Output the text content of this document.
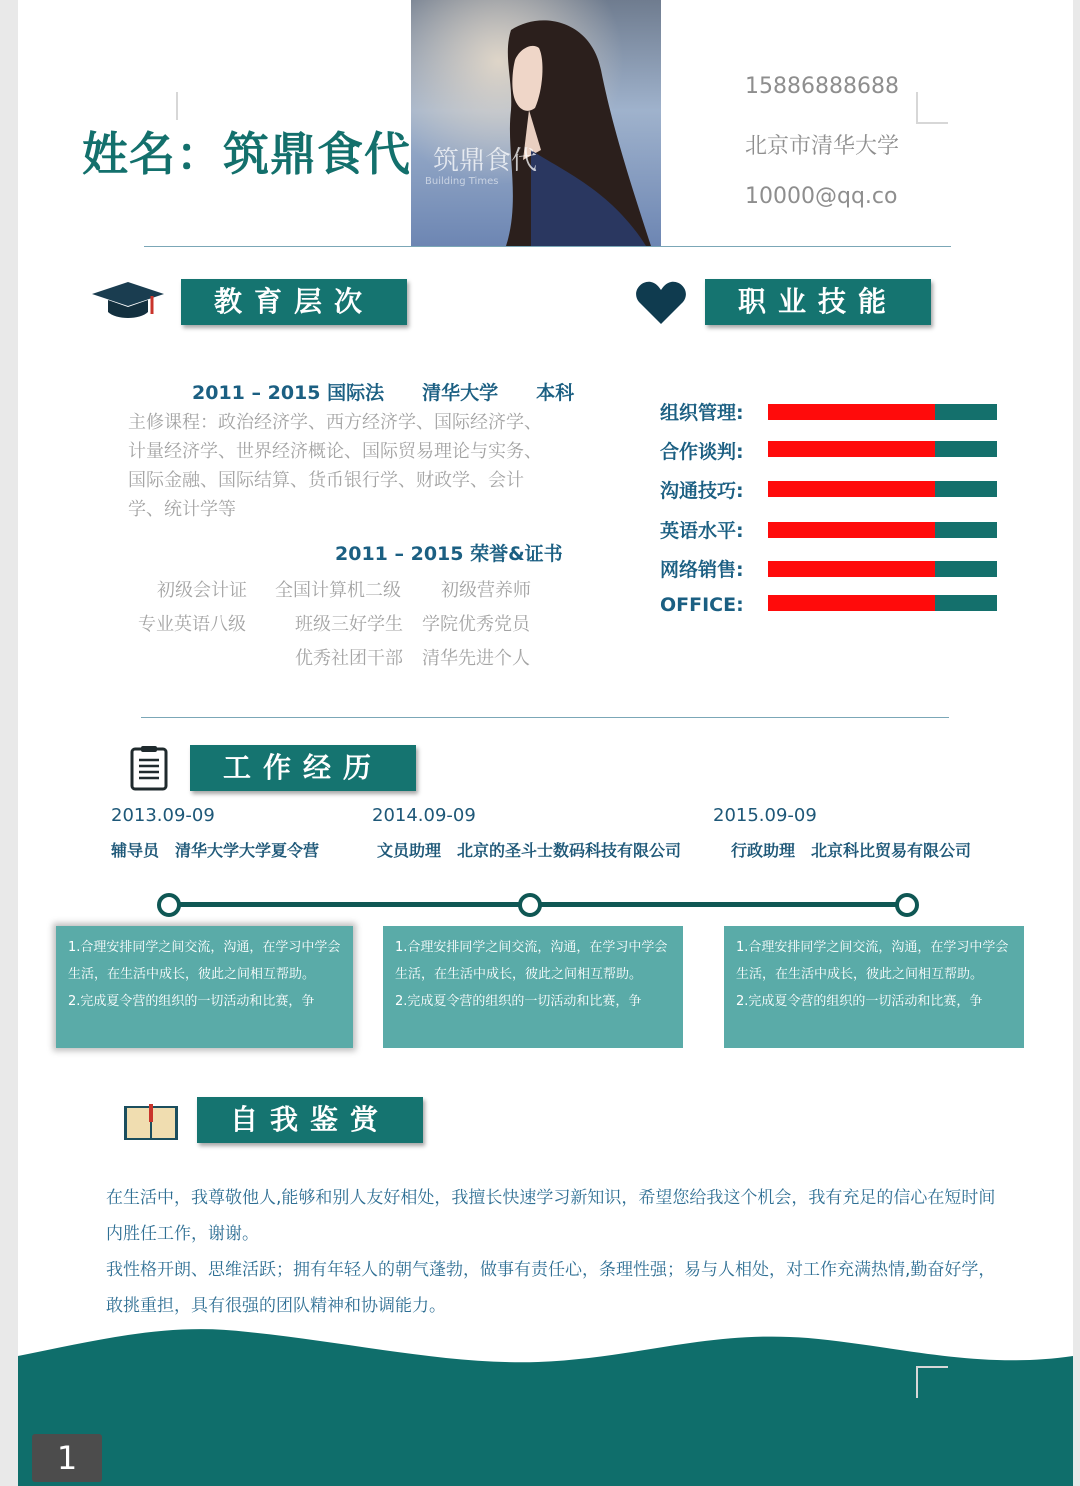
姓名：筑鼎食代 筑鼎食代
Building Times
15886888688
北京市清华大学
10000@qq.co
教育层次	职业技能
2011 – 2015 国际法　　清华大学　　本科
主修课程：政治经济学、西方经济学、国际经济学、计量经济学、世界经济概论、国际贸易理论与实务、国际金融、国际结算、货币银行学、财政学、会计学、统计学等
2011 – 2015 荣誉&证书
初级会计证 全国计算机二级 初级营养师
专业英语八级	班级三好学生 学院优秀党员
优秀社团干部 清华先进个人
组织管理:
合作谈判:
沟通技巧:
英语水平:
网络销售:
OFFICE:
工作经历
2013.09-09	2014.09-09	2015.09-09
辅导员　清华大学大学夏令营	文员助理　北京的圣斗士数码科技有限公司	行政助理　北京科比贸易有限公司
1.合理安排同学之间交流，沟通，在学习中学会生活，在生活中成长，彼此之间相互帮助。
2.完成夏令营的组织的一切活动和比赛，争
1.合理安排同学之间交流，沟通，在学习中学会生活，在生活中成长，彼此之间相互帮助。
2.完成夏令营的组织的一切活动和比赛，争
1.合理安排同学之间交流，沟通，在学习中学会生活，在生活中成长，彼此之间相互帮助。
2.完成夏令营的组织的一切活动和比赛，争
自我鉴赏
在生活中，我尊敬他人,能够和别人友好相处，我擅长快速学习新知识，希望您给我这个机会，我有充足的信心在短时间内胜任工作，谢谢。
我性格开朗、思维活跃；拥有年轻人的朝气蓬勃，做事有责任心，条理性强；易与人相处，对工作充满热情,勤奋好学，敢挑重担，具有很强的团队精神和协调能力。
1
